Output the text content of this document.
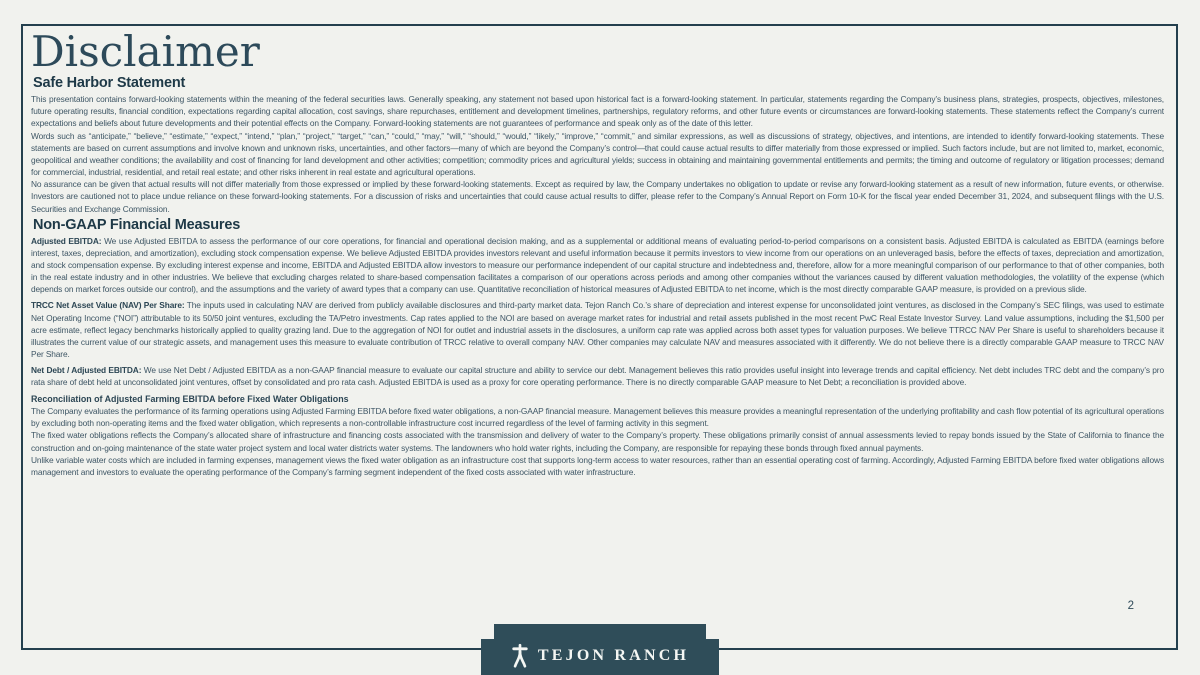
Disclaimer
Safe Harbor Statement

This presentation contains forward-looking statements within the meaning of the federal securities laws. Generally speaking, any statement not based upon historical fact is a forward-looking statement. In particular, statements regarding the Company’s business plans, strategies, prospects, objectives, milestones, future operating results, financial condition, expectations regarding capital allocation, cost savings, share repurchases, entitlement and development timelines, partnerships, regulatory reforms, and other future events or circumstances are forward-looking statements. These statements reflect the Company’s current expectations and beliefs about future developments and their potential effects on the Company. Forward-looking statements are not guarantees of performance and speak only as of the date of this letter.

Words such as “anticipate,” “believe,” “estimate,” “expect,” “intend,” “plan,” “project,” “target,” “can,” “could,” “may,” “will,” “should,” “would,” “likely,” “improve,” “commit,” and similar expressions, as well as discussions of strategy, objectives, and intentions, are intended to identify forward-looking statements. These statements are based on current assumptions and involve known and unknown risks, uncertainties, and other factors—many of which are beyond the Company’s control—that could cause actual results to differ materially from those expressed or implied. Such factors include, but are not limited to, market, economic, geopolitical and weather conditions; the availability and cost of financing for land development and other activities; competition; commodity prices and agricultural yields; success in obtaining and maintaining governmental entitlements and permits; the timing and outcome of regulatory or litigation processes; demand for commercial, industrial, residential, and retail real estate; and other risks inherent in real estate and agricultural operations.

No assurance can be given that actual results will not differ materially from those expressed or implied by these forward-looking statements. Except as required by law, the Company undertakes no obligation to update or revise any forward-looking statement as a result of new information, future events, or otherwise. Investors are cautioned not to place undue reliance on these forward-looking statements. For a discussion of risks and uncertainties that could cause actual results to differ, please refer to the Company’s Annual Report on Form 10-K for the fiscal year ended December 31, 2024, and subsequent filings with the U.S. Securities and Exchange Commission.

Non-GAAP Financial Measures

Adjusted EBITDA: We use Adjusted EBITDA to assess the performance of our core operations, for financial and operational decision making, and as a supplemental or additional means of evaluating period-to-period comparisons on a consistent basis. Adjusted EBITDA is calculated as EBITDA (earnings before interest, taxes, depreciation, and amortization), excluding stock compensation expense. We believe Adjusted EBITDA provides investors relevant and useful information because it permits investors to view income from our operations on an unleveraged basis, before the effects of taxes, depreciation and amortization, and stock compensation expense. By excluding interest expense and income, EBITDA and Adjusted EBITDA allow investors to measure our performance independent of our capital structure and indebtedness and, therefore, allow for a more meaningful comparison of our performance to that of other companies, both in the real estate industry and in other industries. We believe that excluding charges related to share-based compensation facilitates a comparison of our operations across periods and among other companies without the variances caused by different valuation methodologies, the volatility of the expense (which depends on market forces outside our control), and the assumptions and the variety of award types that a company can use. Quantitative reconciliation of historical measures of Adjusted EBITDA to net income, which is the most directly comparable GAAP measure, is provided on a previous slide.

TRCC Net Asset Value (NAV) Per Share: The inputs used in calculating NAV are derived from publicly available disclosures and third-party market data. Tejon Ranch Co.’s share of depreciation and interest expense for unconsolidated joint ventures, as disclosed in the Company’s SEC filings, was used to estimate Net Operating Income (“NOI”) attributable to its 50/50 joint ventures, excluding the TA/Petro investments. Cap rates applied to the NOI are based on average market rates for industrial and retail assets published in the most recent PwC Real Estate Investor Survey. Land value assumptions, including the $1,500 per acre estimate, reflect legacy benchmarks historically applied to quality grazing land. Due to the aggregation of NOI for outlet and industrial assets in the disclosures, a uniform cap rate was applied across both asset types for valuation purposes. We believe TTRCC NAV Per Share is useful to shareholders because it illustrates the current value of our strategic assets, and management uses this measure to evaluate contribution of TRCC relative to overall company NAV. Other companies may calculate NAV and measures associated with it differently. We do not believe there is a directly comparable GAAP measure to TRCC NAV Per Share.

Net Debt / Adjusted EBITDA: We use Net Debt / Adjusted EBITDA as a non-GAAP financial measure to evaluate our capital structure and ability to service our debt. Management believes this ratio provides useful insight into leverage trends and capital efficiency. Net debt includes TRC debt and the company’s pro rata share of debt held at unconsolidated joint ventures, offset by consolidated and pro rata cash. Adjusted EBITDA is used as a proxy for core operating performance. There is no directly comparable GAAP measure to Net Debt; a reconciliation is provided above.

Reconciliation of Adjusted Farming EBITDA before Fixed Water Obligations

The Company evaluates the performance of its farming operations using Adjusted Farming EBITDA before fixed water obligations, a non-GAAP financial measure. Management believes this measure provides a meaningful representation of the underlying profitability and cash flow potential of its agricultural operations by excluding both non-operating items and the fixed water obligation, which represents a non-controllable infrastructure cost incurred regardless of the level of farming activity in this segment.

The fixed water obligations reflects the Company’s allocated share of infrastructure and financing costs associated with the transmission and delivery of water to the Company’s property. These obligations primarily consist of annual assessments levied to repay bonds issued by the State of California to finance the construction and on-going maintenance of the state water project system and local water districts water systems. The landowners who hold water rights, including the Company, are responsible for repaying these bonds through fixed annual payments.

Unlike variable water costs which are included in farming expenses, management views the fixed water obligation as an infrastructure cost that supports long-term access to water resources, rather than an essential operating cost of farming. Accordingly, Adjusted Farming EBITDA before fixed water obligations allows management and investors to evaluate the operating performance of the Company’s farming segment independent of the fixed costs associated with water infrastructure.

2
TEJON RANCH
